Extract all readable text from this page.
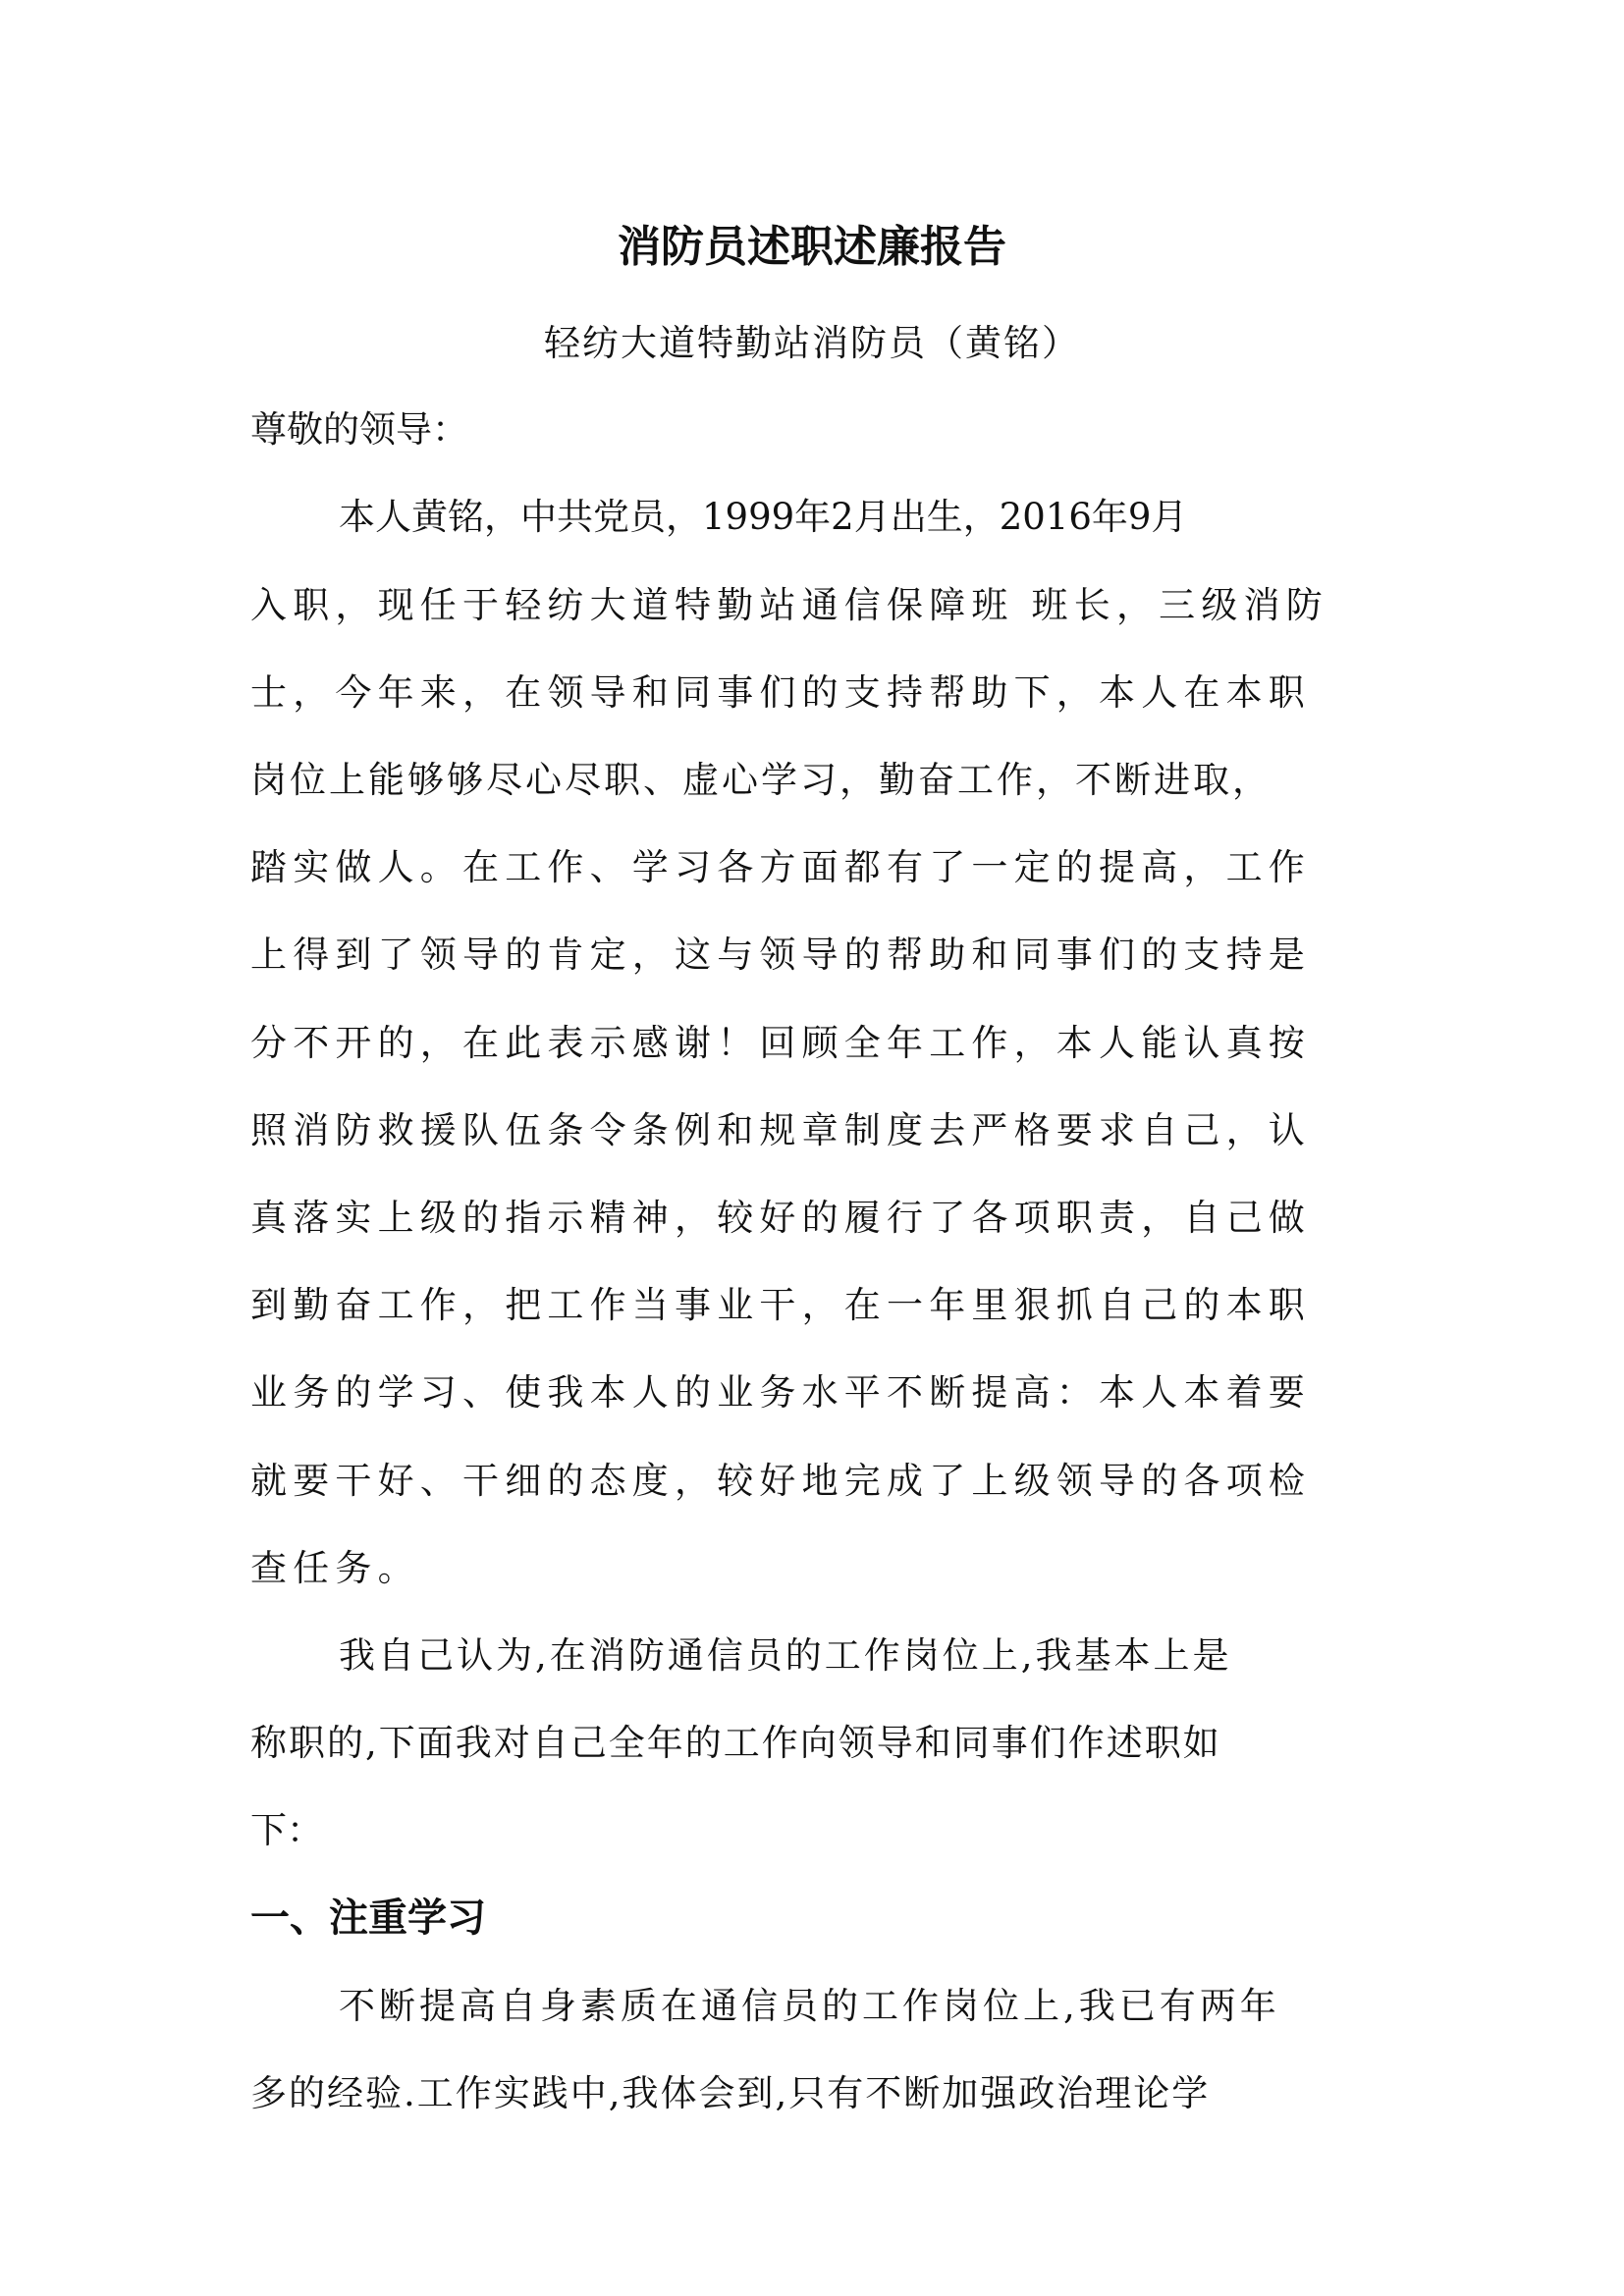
消防员述职述廉报告
轻纺大道特勤站消防员（黄铭）
尊敬的领导：
本人黄铭，中共党员，1999年2月出生，2016年9月
入职，现任于轻纺大道特勤站通信保障班 班长，三级消防
士，今年来，在领导和同事们的支持帮助下，本人在本职
岗位上能够够尽心尽职、虚心学习，勤奋工作，不断进取，
踏实做人。在工作、学习各方面都有了一定的提高，工作
上得到了领导的肯定，这与领导的帮助和同事们的支持是
分不开的，在此表示感谢！回顾全年工作，本人能认真按
照消防救援队伍条令条例和规章制度去严格要求自己，认
真落实上级的指示精神，较好的履行了各项职责，自己做
到勤奋工作，把工作当事业干，在一年里狠抓自己的本职
业务的学习、使我本人的业务水平不断提高：本人本着要
就要干好、干细的态度，较好地完成了上级领导的各项检
查任务。
我自己认为,在消防通信员的工作岗位上,我基本上是
称职的,下面我对自己全年的工作向领导和同事们作述职如
下：
一、注重学习
不断提高自身素质在通信员的工作岗位上,我已有两年
多的经验.工作实践中,我体会到,只有不断加强政治理论学
